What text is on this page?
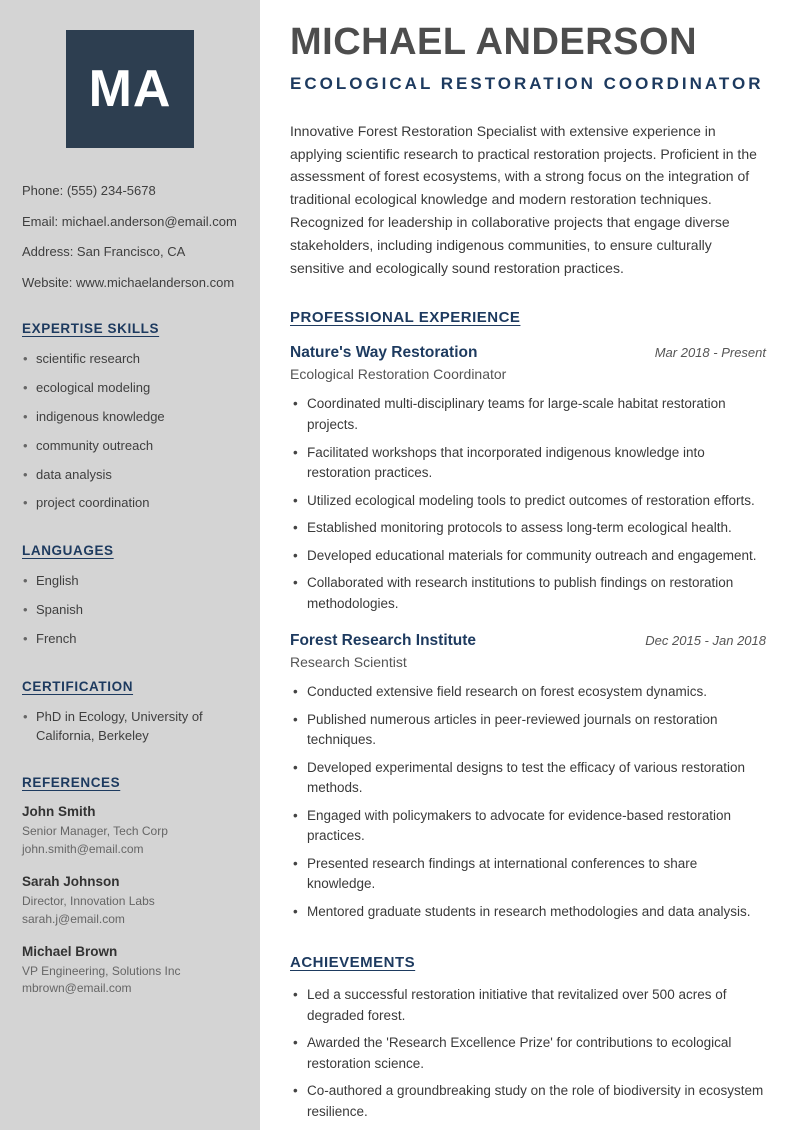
MA
Phone: (555) 234-5678
Email: michael.anderson@email.com
Address: San Francisco, CA
Website: www.michaelanderson.com
EXPERTISE SKILLS
• scientific research
• ecological modeling
• indigenous knowledge
• community outreach
• data analysis
• project coordination
LANGUAGES
• English
• Spanish
• French
CERTIFICATION
• PhD in Ecology, University of California, Berkeley
REFERENCES
John Smith
Senior Manager, Tech Corp
john.smith@email.com
Sarah Johnson
Director, Innovation Labs
sarah.j@email.com
Michael Brown
VP Engineering, Solutions Inc
mbrown@email.com
MICHAEL ANDERSON
ECOLOGICAL RESTORATION COORDINATOR

Innovative Forest Restoration Specialist with extensive experience in applying scientific research to practical restoration projects. Proficient in the assessment of forest ecosystems, with a strong focus on the integration of traditional ecological knowledge and modern restoration techniques. Recognized for leadership in collaborative projects that engage diverse stakeholders, including indigenous communities, to ensure culturally sensitive and ecologically sound restoration practices.

PROFESSIONAL EXPERIENCE
Nature's Way Restoration	Mar 2018 - Present
Ecological Restoration Coordinator
• Coordinated multi-disciplinary teams for large-scale habitat restoration projects.
• Facilitated workshops that incorporated indigenous knowledge into restoration practices.
• Utilized ecological modeling tools to predict outcomes of restoration efforts.
• Established monitoring protocols to assess long-term ecological health.
• Developed educational materials for community outreach and engagement.
• Collaborated with research institutions to publish findings on restoration methodologies.
Forest Research Institute	Dec 2015 - Jan 2018
Research Scientist
• Conducted extensive field research on forest ecosystem dynamics.
• Published numerous articles in peer-reviewed journals on restoration techniques.
• Developed experimental designs to test the efficacy of various restoration methods.
• Engaged with policymakers to advocate for evidence-based restoration practices.
• Presented research findings at international conferences to share knowledge.
• Mentored graduate students in research methodologies and data analysis.
ACHIEVEMENTS
• Led a successful restoration initiative that revitalized over 500 acres of degraded forest.
• Awarded the 'Research Excellence Prize' for contributions to ecological restoration science.
• Co-authored a groundbreaking study on the role of biodiversity in ecosystem resilience.
